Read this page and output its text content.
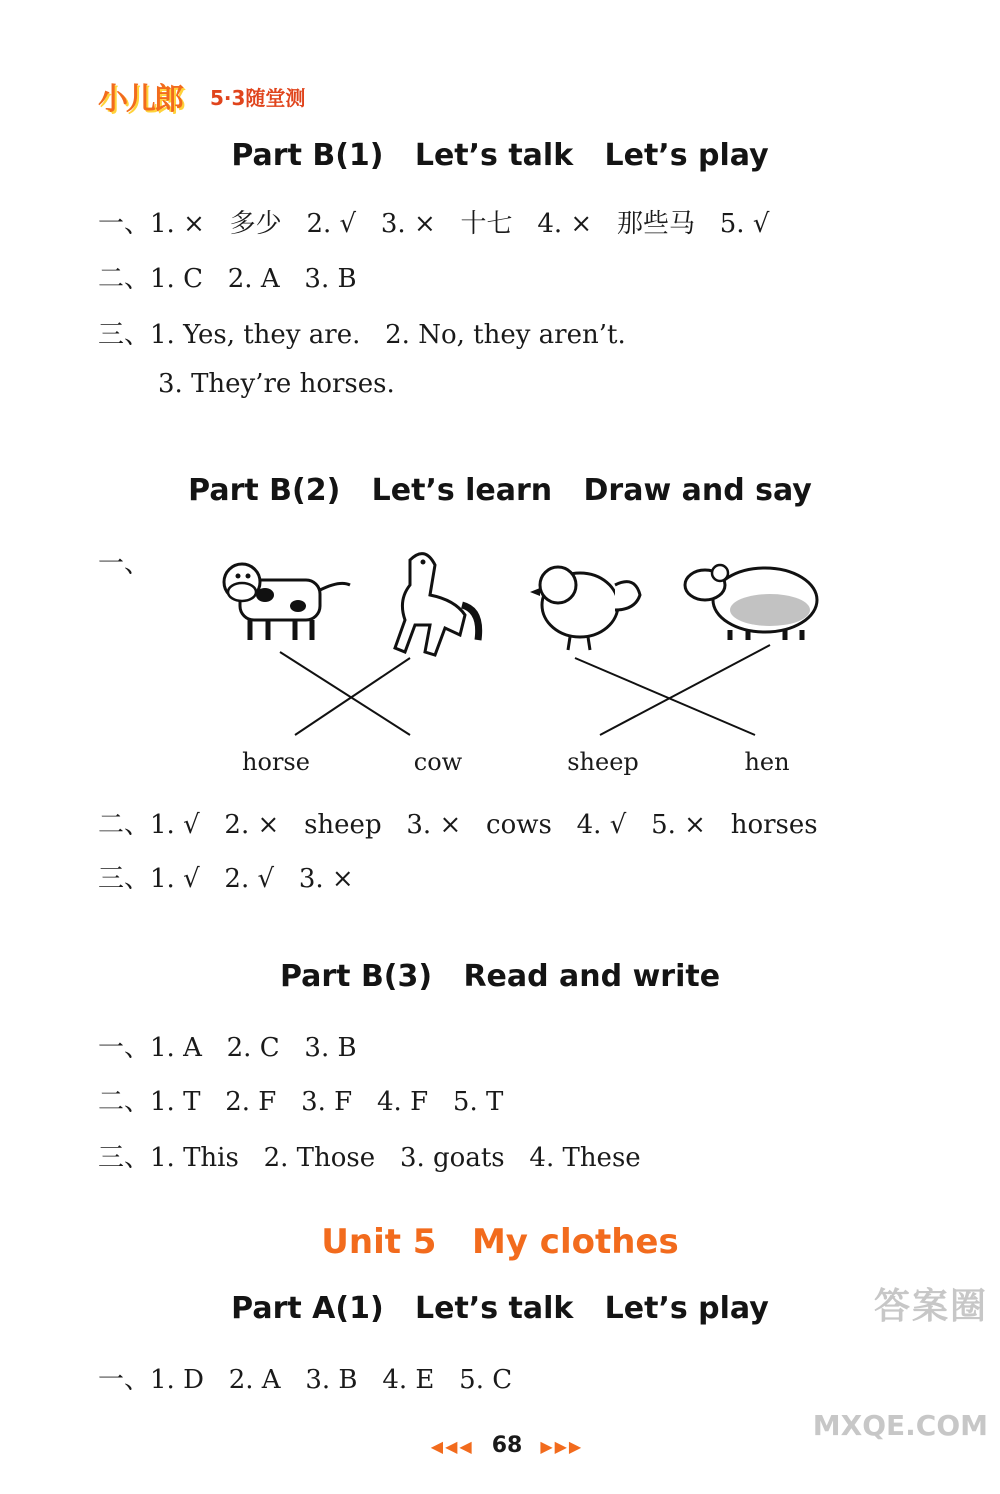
小儿郎

5·3随堂测

Part B(1)   Let’s talk   Let’s play
一、1. ×   多少   2. √   3. ×   十七   4. ×   那些马   5. √
二、1. C   2. A   3. B
三、1. Yes, they are.   2. No, they aren’t.
3. They’re horses.
Part B(2)   Let’s learn   Draw and say
一、
horse	cow	sheep	hen
二、1. √   2. ×   sheep   3. ×   cows   4. √   5. ×   horses
三、1. √   2. √   3. ×
Part B(3)   Read and write
一、1. A   2. C   3. B
二、1. T   2. F   3. F   4. F   5. T
三、1. This   2. Those   3. goats   4. These
Unit 5   My clothes
Part A(1)   Let’s talk   Let’s play
一、1. D   2. A   3. B   4. E   5. C

◀◀◀ 68 ▶▶▶

答案圈

MXQE.COM
